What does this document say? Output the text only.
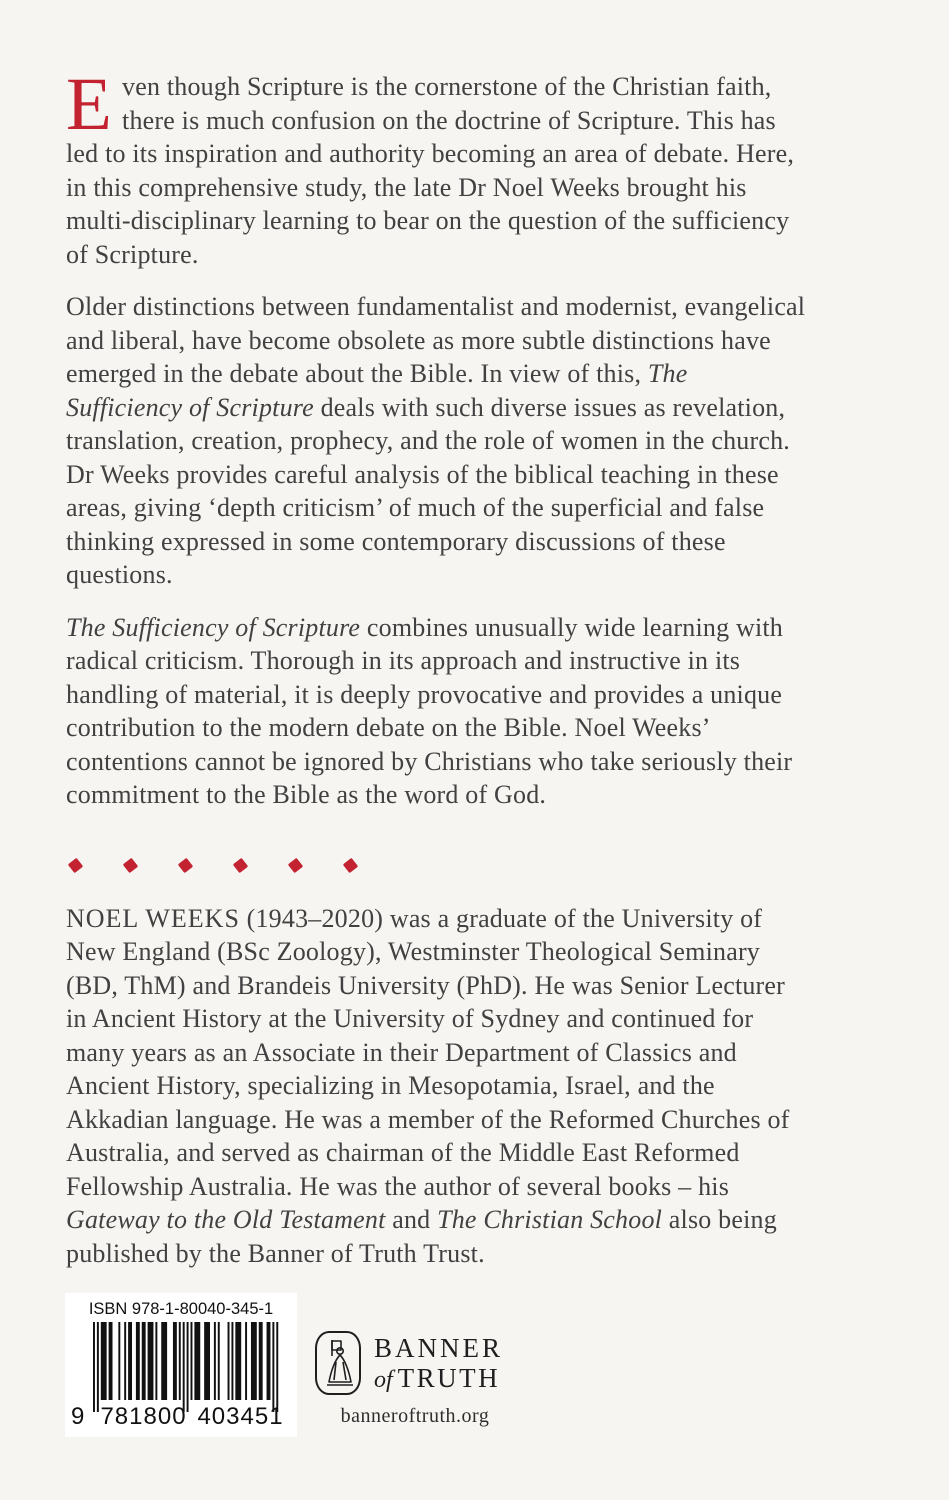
Even though Scripture is the cornerstone of the Christian faith, there is much confusion on the doctrine of Scripture. This has led to its inspiration and authority becoming an area of debate. Here, in this comprehensive study, the late Dr Noel Weeks brought his multi-disciplinary learning to bear on the question of the sufficiency of Scripture.

Older distinctions between fundamentalist and modernist, evangelical and liberal, have become obsolete as more subtle distinctions have emerged in the debate about the Bible. In view of this, The Sufficiency of Scripture deals with such diverse issues as revelation, translation, creation, prophecy, and the role of women in the church. Dr Weeks provides careful analysis of the biblical teaching in these areas, giving ‘depth criticism’ of much of the superficial and false thinking expressed in some contemporary discussions of these questions.

The Sufficiency of Scripture combines unusually wide learning with radical criticism. Thorough in its approach and instructive in its handling of material, it is deeply provocative and provides a unique contribution to the modern debate on the Bible. Noel Weeks’ contentions cannot be ignored by Christians who take seriously their commitment to the Bible as the word of God.

NOEL WEEKS (1943–2020) was a graduate of the University of New England (BSc Zoology), Westminster Theological Seminary (BD, ThM) and Brandeis University (PhD). He was Senior Lecturer in Ancient History at the University of Sydney and continued for many years as an Associate in their Department of Classics and Ancient History, specializing in Mesopotamia, Israel, and the Akkadian language. He was a member of the Reformed Churches of Australia, and served as chairman of the Middle East Reformed Fellowship Australia. He was the author of several books – his Gateway to the Old Testament and The Christian School also being published by the Banner of Truth Trust.

ISBN 978-1-80040-345-1
9 781800 403451
BANNER
of TRUTH
banneroftruth.org
